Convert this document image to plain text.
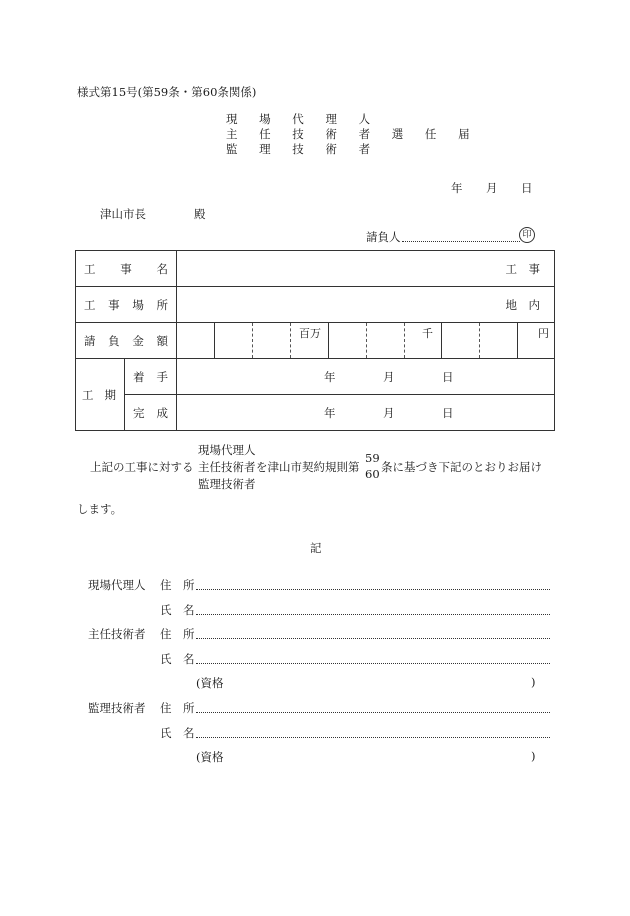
様式第15号(第59条・第60条関係)
現 場 代 理 人
主 任 技 術 者 選 任 届
監 理 技 術 者
年 月 日
津山市長	殿
請負人	印
工 事 名		工　事

工 事 場 所		地　内

請 負 金 額		百万 千 円

工 期	着 手	年 月 日

	完 成	年 月 日
上記の工事に対する
現場代理人
主任技術者
監理技術者
を津山市契約規則第
59
60 条に基づき下記のとおりお届け
します。
記
現場代理人 住　所
氏　名
主任技術者 住　所
氏　名
(資格	)
監理技術者 住　所
氏　名
(資格	)
